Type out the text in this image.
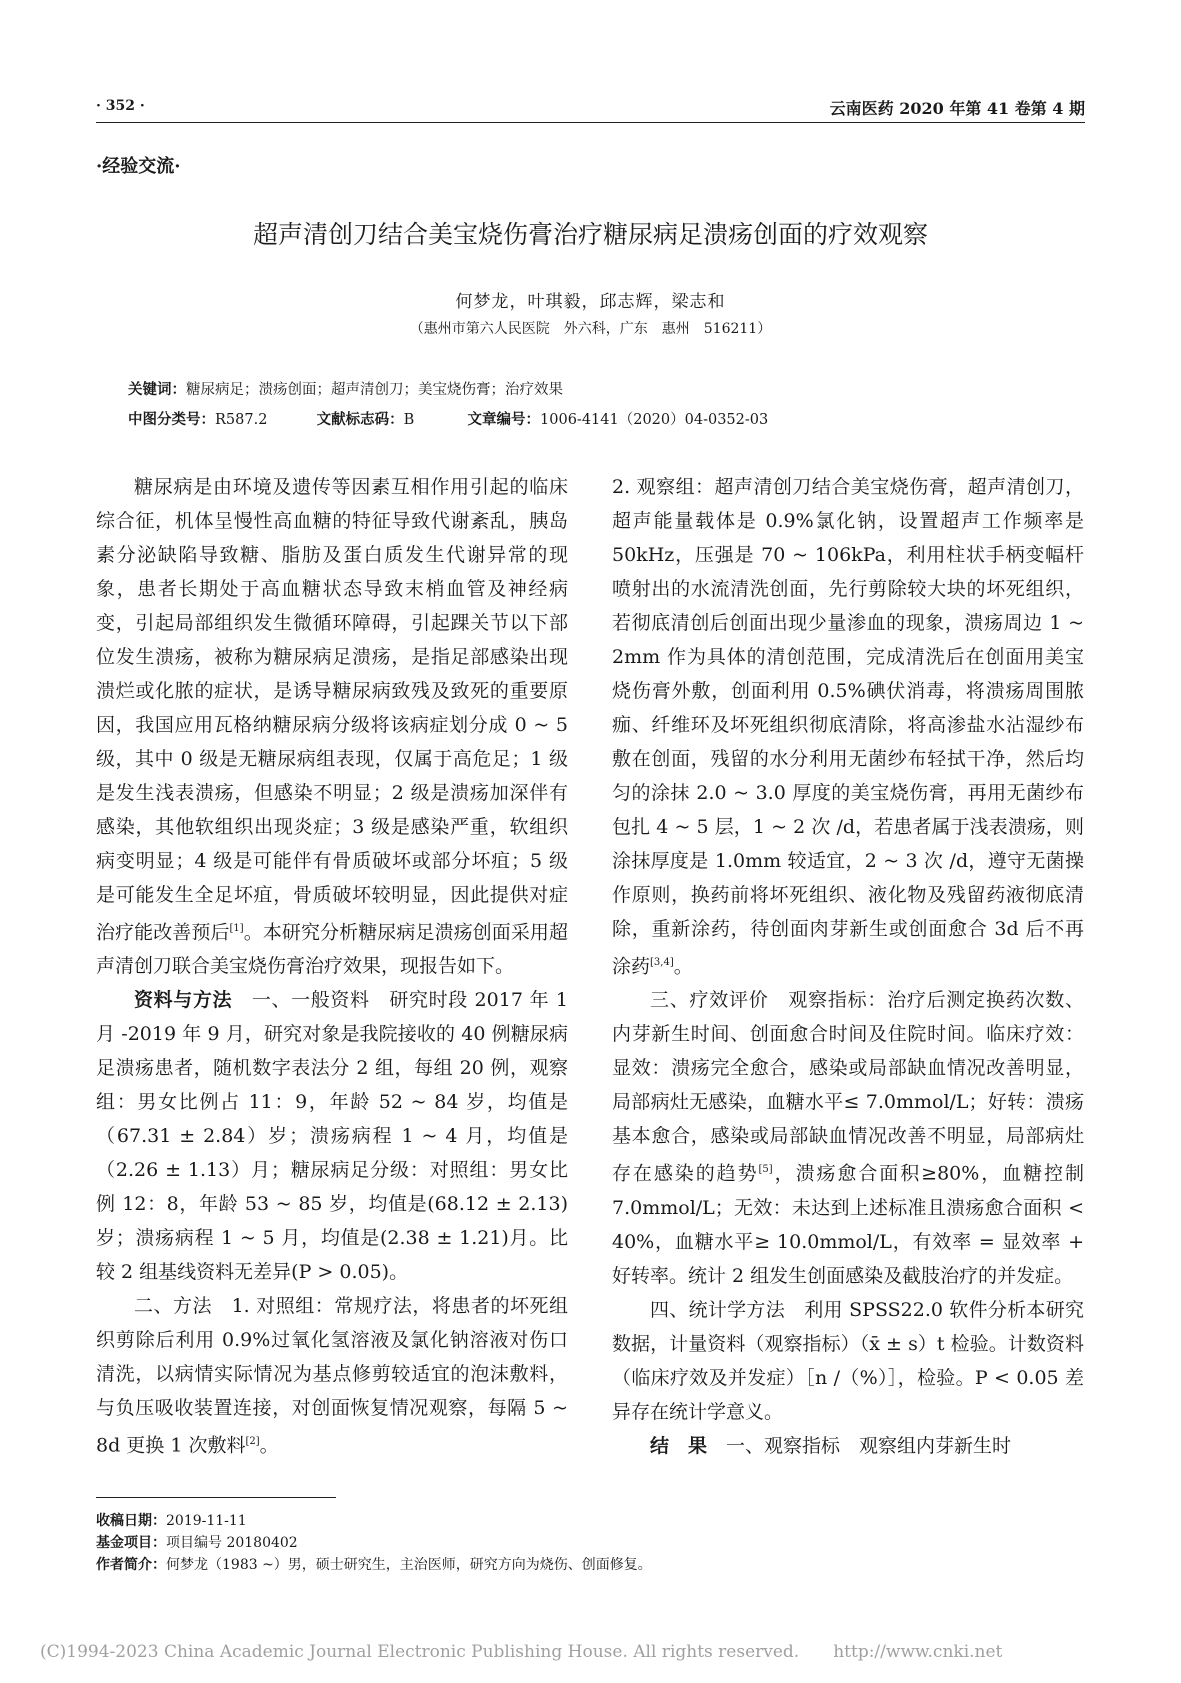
· 352 ·	云南医药 2020 年第 41 卷第 4 期
·经验交流·
超声清创刀结合美宝烧伤膏治疗糖尿病足溃疡创面的疗效观察
何梦龙，叶琪毅，邱志辉，梁志和
（惠州市第六人民医院　外六科，广东　惠州　516211）
关键词：糖尿病足；溃疡创面；超声清创刀；美宝烧伤膏；治疗效果
中图分类号：R587.2	文献标志码：B	文章编号：1006-4141（2020）04-0352-03

糖尿病是由环境及遗传等因素互相作用引起的临床综合征，机体呈慢性高血糖的特征导致代谢紊乱，胰岛素分泌缺陷导致糖、脂肪及蛋白质发生代谢异常的现象，患者长期处于高血糖状态导致末梢血管及神经病变，引起局部组织发生微循环障碍，引起踝关节以下部位发生溃疡，被称为糖尿病足溃疡，是指足部感染出现溃烂或化脓的症状，是诱导糖尿病致残及致死的重要原因，我国应用瓦格纳糖尿病分级将该病症划分成 0 ~ 5 级，其中 0 级是无糖尿病组表现，仅属于高危足；1 级是发生浅表溃疡，但感染不明显；2 级是溃疡加深伴有感染，其他软组织出现炎症；3 级是感染严重，软组织病变明显；4 级是可能伴有骨质破坏或部分坏疽；5 级是可能发生全足坏疽，骨质破坏较明显，因此提供对症治疗能改善预后[1]。本研究分析糖尿病足溃疡创面采用超声清创刀联合美宝烧伤膏治疗效果，现报告如下。

资料与方法　一、一般资料　研究时段 2017 年 1 月 -2019 年 9 月，研究对象是我院接收的 40 例糖尿病足溃疡患者，随机数字表法分 2 组，每组 20 例，观察组：男女比例占 11：9，年龄 52 ~ 84 岁，均值是（67.31 ± 2.84）岁；溃疡病程 1 ~ 4 月，均值是（2.26 ± 1.13）月；糖尿病足分级：对照组：男女比例 12：8，年龄 53 ~ 85 岁，均值是(68.12 ± 2.13)岁；溃疡病程 1 ~ 5 月，均值是(2.38 ± 1.21)月。比较 2 组基线资料无差异(P > 0.05)。

二、方法　1. 对照组：常规疗法，将患者的坏死组织剪除后利用 0.9%过氧化氢溶液及氯化钠溶液对伤口清洗，以病情实际情况为基点修剪较适宜的泡沫敷料，与负压吸收装置连接，对创面恢复情况观察，每隔 5 ~ 8d 更换 1 次敷料[2]。

2. 观察组：超声清创刀结合美宝烧伤膏，超声清创刀，超声能量载体是 0.9%氯化钠，设置超声工作频率是 50kHz，压强是 70 ~ 106kPa，利用柱状手柄变幅杆喷射出的水流清洗创面，先行剪除较大块的坏死组织，若彻底清创后创面出现少量渗血的现象，溃疡周边 1 ~ 2mm 作为具体的清创范围，完成清洗后在创面用美宝烧伤膏外敷，创面利用 0.5%碘伏消毒，将溃疡周围脓痂、纤维环及坏死组织彻底清除，将高渗盐水沾湿纱布敷在创面，残留的水分利用无菌纱布轻拭干净，然后均匀的涂抹 2.0 ~ 3.0 厚度的美宝烧伤膏，再用无菌纱布包扎 4 ~ 5 层，1 ~ 2 次 /d，若患者属于浅表溃疡，则涂抹厚度是 1.0mm 较适宜，2 ~ 3 次 /d，遵守无菌操作原则，换药前将坏死组织、液化物及残留药液彻底清除，重新涂药，待创面肉芽新生或创面愈合 3d 后不再涂药[3,4]。

三、疗效评价　观察指标：治疗后测定换药次数、内芽新生时间、创面愈合时间及住院时间。临床疗效：显效：溃疡完全愈合，感染或局部缺血情况改善明显，局部病灶无感染，血糖水平≤ 7.0mmol/L；好转：溃疡基本愈合，感染或局部缺血情况改善不明显，局部病灶存在感染的趋势[5]，溃疡愈合面积≥80%，血糖控制 7.0mmol/L；无效：未达到上述标准且溃疡愈合面积 < 40%，血糖水平≥ 10.0mmol/L，有效率 = 显效率 + 好转率。统计 2 组发生创面感染及截肢治疗的并发症。

四、统计学方法　利用 SPSS22.0 软件分析本研究数据，计量资料（观察指标）（x̄ ± s）t 检验。计数资料（临床疗效及并发症）［n /（%）］，检验。P < 0.05 差异存在统计学意义。

结　果　一、观察指标　观察组内芽新生时

收稿日期：2019-11-11
基金项目：项目编号 20180402
作者简介：何梦龙（1983 ~）男，硕士研究生，主治医师，研究方向为烧伤、创面修复。
(C)1994-2023 China Academic Journal Electronic Publishing House. All rights reserved.　　http://www.cnki.net
